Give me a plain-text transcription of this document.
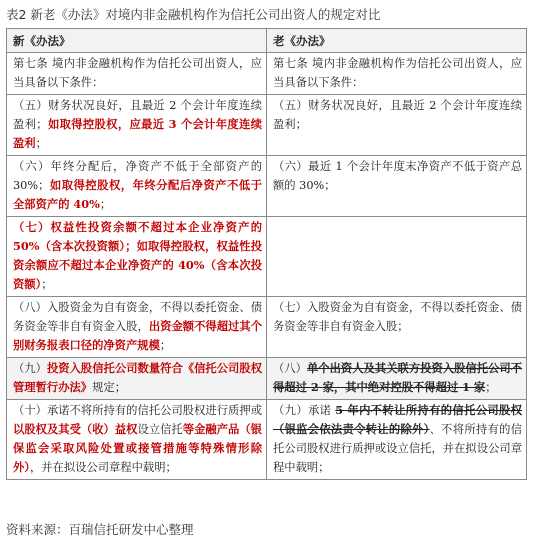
表2 新老《办法》对境内非金融机构作为信托公司出资人的规定对比
新《办法》	老《办法》
第七条 境内非金融机构作为信托公司出资人，应当具备以下条件：	第七条 境内非金融机构作为信托公司出资人，应当具备以下条件：
（五）财务状况良好，且最近 2 个会计年度连续盈利；如取得控股权，应最近 3 个会计年度连续盈利；	（五）财务状况良好，且最近 2 个会计年度连续盈利；
（六）年终分配后，净资产不低于全部资产的 30%；如取得控股权，年终分配后净资产不低于全部资产的 40%；	（六）最近 1 个会计年度末净资产不低于资产总额的 30%；
（七）权益性投资余额不超过本企业净资产的 50%（含本次投资额）；如取得控股权，权益性投资余额应不超过本企业净资产的 40%（含本次投资额）；	
（八）入股资金为自有资金，不得以委托资金、债务资金等非自有资金入股，出资金额不得超过其个别财务报表口径的净资产规模；	（七）入股资金为自有资金，不得以委托资金、债务资金等非自有资金入股；
（九）投资入股信托公司数量符合《信托公司股权管理暂行办法》规定；	（八）单个出资人及其关联方投资入股信托公司不得超过 2 家，其中绝对控股不得超过 1 家；
（十）承诺不将所持有的信托公司股权进行质押或以股权及其受（收）益权设立信托等金融产品（银保监会采取风险处置或接管措施等特殊情形除外），并在拟设公司章程中载明；	（九）承诺 5 年内不转让所持有的信托公司股权（银监会依法责令转让的除外）、不将所持有的信托公司股权进行质押或设立信托，并在拟设公司章程中载明；
资料来源：百瑞信托研发中心整理
